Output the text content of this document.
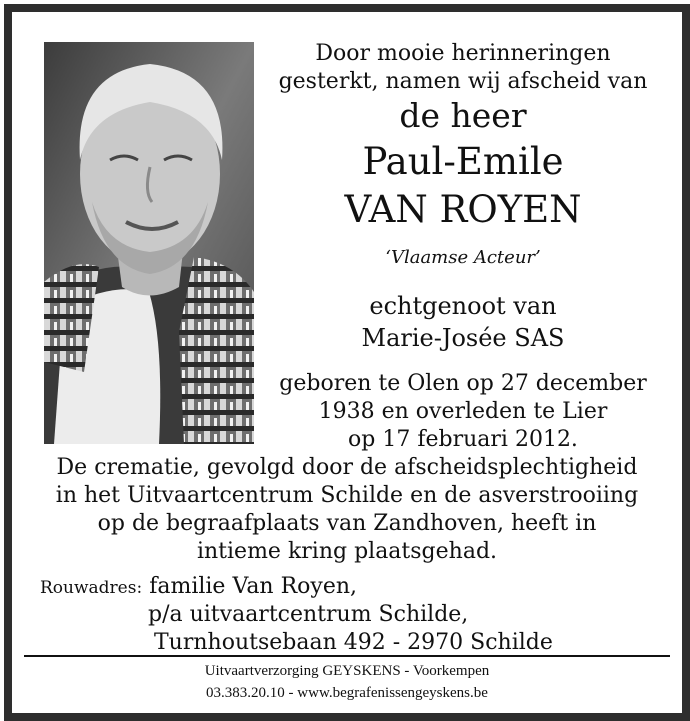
Door mooie herinneringen
gesterkt, namen wij afscheid van
de heer
Paul-Emile
VAN ROYEN
‘Vlaamse Acteur’
echtgenoot van
Marie-Josée SAS
geboren te Olen op 27 december
1938 en overleden te Lier
op 17 februari 2012.
De crematie, gevolgd door de afscheidsplechtigheid
in het Uitvaartcentrum Schilde en de asverstrooiing
op de begraafplaats van Zandhoven, heeft in
intieme kring plaatsgehad.
Rouwadres: familie Van Royen,
p/a uitvaartcentrum Schilde,
Turnhoutsebaan 492 - 2970 Schilde
Uitvaartverzorging GEYSKENS - Voorkempen
03.383.20.10 - www.begrafenissengeyskens.be
